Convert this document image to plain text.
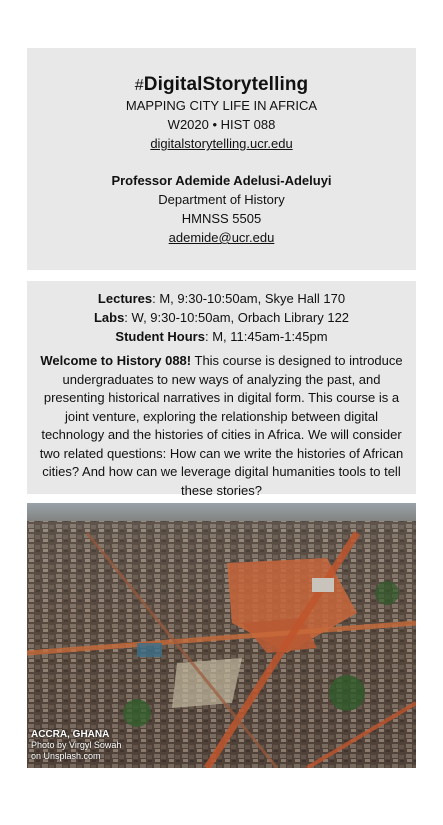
#DigitalStorytelling
MAPPING CITY LIFE IN AFRICA
W2020 • HIST 088
digitalstorytelling.ucr.edu
Professor Ademide Adelusi-Adeluyi
Department of History
HMNSS 5505
ademide@ucr.edu
Lectures: M, 9:30-10:50am, Skye Hall 170
Labs: W, 9:30-10:50am, Orbach Library 122
Student Hours: M, 11:45am-1:45pm
Welcome to History 088! This course is designed to introduce undergraduates to new ways of analyzing the past, and presenting historical narratives in digital form. This course is a joint venture, exploring the relationship between digital technology and the histories of cities in Africa. We will consider two related questions: How can we write the histories of African cities? And how can we leverage digital humanities tools to tell these stories?
ACCRA, GHANA
Photo by Virgyl Sowah
on Unsplash.com
